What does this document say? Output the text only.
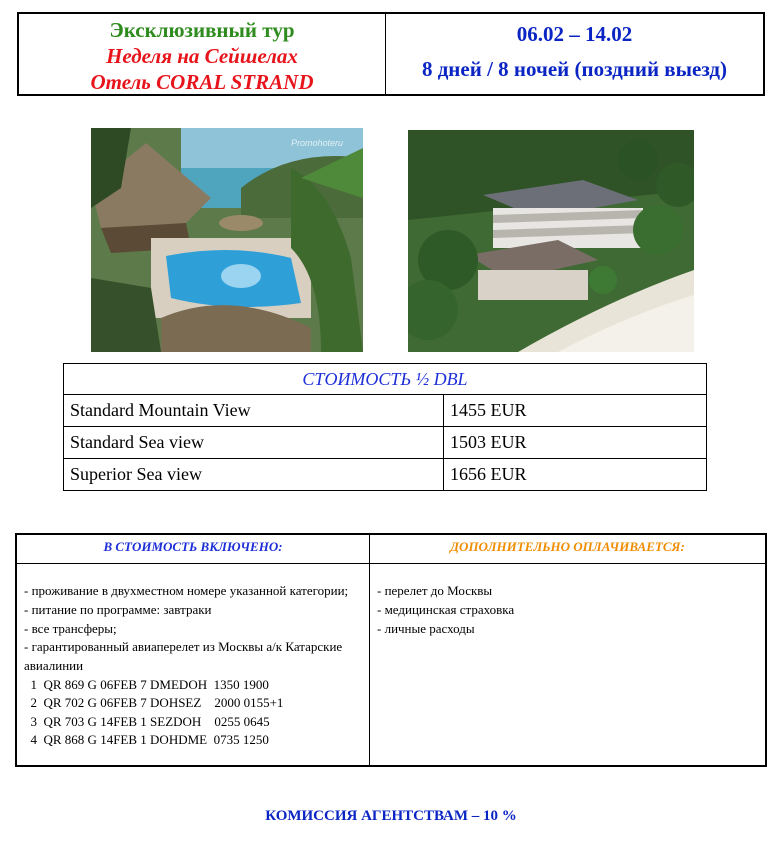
Эксклюзивный тур
Неделя на Сейшелах
Отель CORAL STRAND
06.02 – 14.02
8 дней / 8 ночей (поздний выезд)
Promohoteru
СТОИМОСТЬ ½ DBL	
Standard Mountain View	1455 EUR
Standard Sea view	1503 EUR
Superior Sea view	1656 EUR
В СТОИМОСТЬ ВКЛЮЧЕНО:	ДОПОЛНИТЕЛЬНО ОПЛАЧИВАЕТСЯ:
- проживание в двухместном номере указанной категории;
- питание по программе: завтраки
- все трансферы;
- гарантированный авиаперелет из Москвы а/к Катарские авиалинии
1  QR 869 G 06FEB 7 DMEDOH  1350 1900
2  QR 702 G 06FEB 7 DOHSEZ    2000 0155+1
3  QR 703 G 14FEB 1 SEZDOH    0255 0645
4  QR 868 G 14FEB 1 DOHDME  0735 1250
- перелет до Москвы
- медицинская страховка
- личные расходы
КОМИССИЯ АГЕНТСТВАМ – 10 %
